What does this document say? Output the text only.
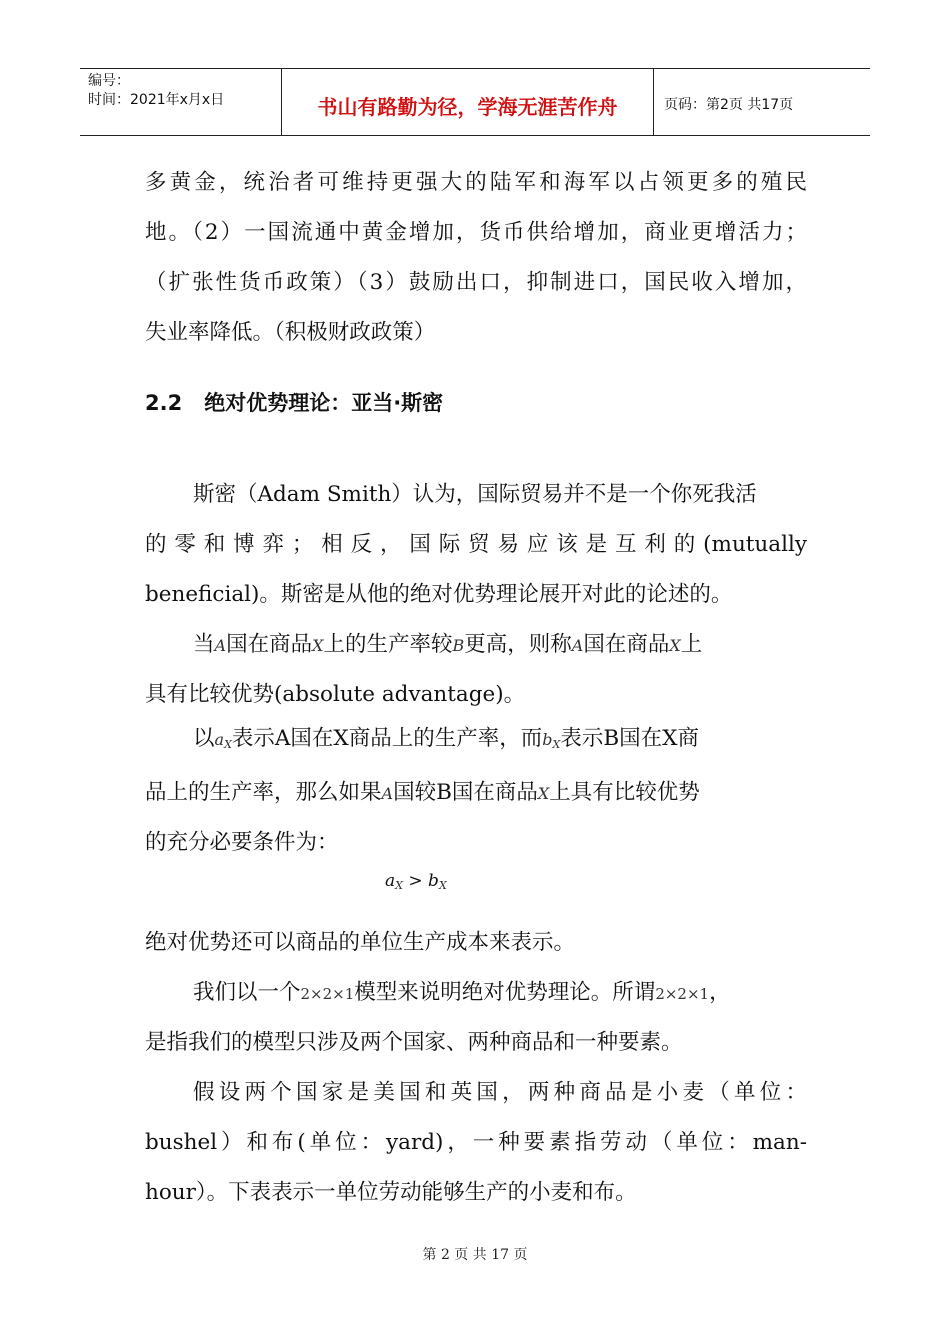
编号：
时间：2021年x月x日	书山有路勤为径，学海无涯苦作舟	页码：第2页 共17页
多黄金，统治者可维持更强大的陆军和海军以占领更多的殖民
地。（2）一国流通中黄金增加，货币供给增加，商业更增活力；
（扩张性货币政策）（3）鼓励出口，抑制进口，国民收入增加，
失业率降低。（积极财政政策）
2.2 绝对优势理论：亚当·斯密
斯密（Adam Smith）认为，国际贸易并不是一个你死我活
的零和博弈；相反，国际贸易应该是互利的(mutually
beneficial)。斯密是从他的绝对优势理论展开对此的论述的。
当A国在商品X上的生产率较B更高，则称A国在商品X上
具有比较优势(absolute advantage)。
以$a_X$表示A国在X商品上的生产率，而$b_X$表示B国在X商
品上的生产率，那么如果A国较B国在商品X上具有比较优势
的充分必要条件为：
$a_X > b_X$
绝对优势还可以商品的单位生产成本来表示。
我们以一个2×2×1模型来说明绝对优势理论。所谓2×2×1，
是指我们的模型只涉及两个国家、两种商品和一种要素。
假设两个国家是美国和英国，两种商品是小麦（单位：
bushel）和布(单位：yard)，一种要素指劳动（单位：man-
hour）。下表表示一单位劳动能够生产的小麦和布。
第 2 页 共 17 页
